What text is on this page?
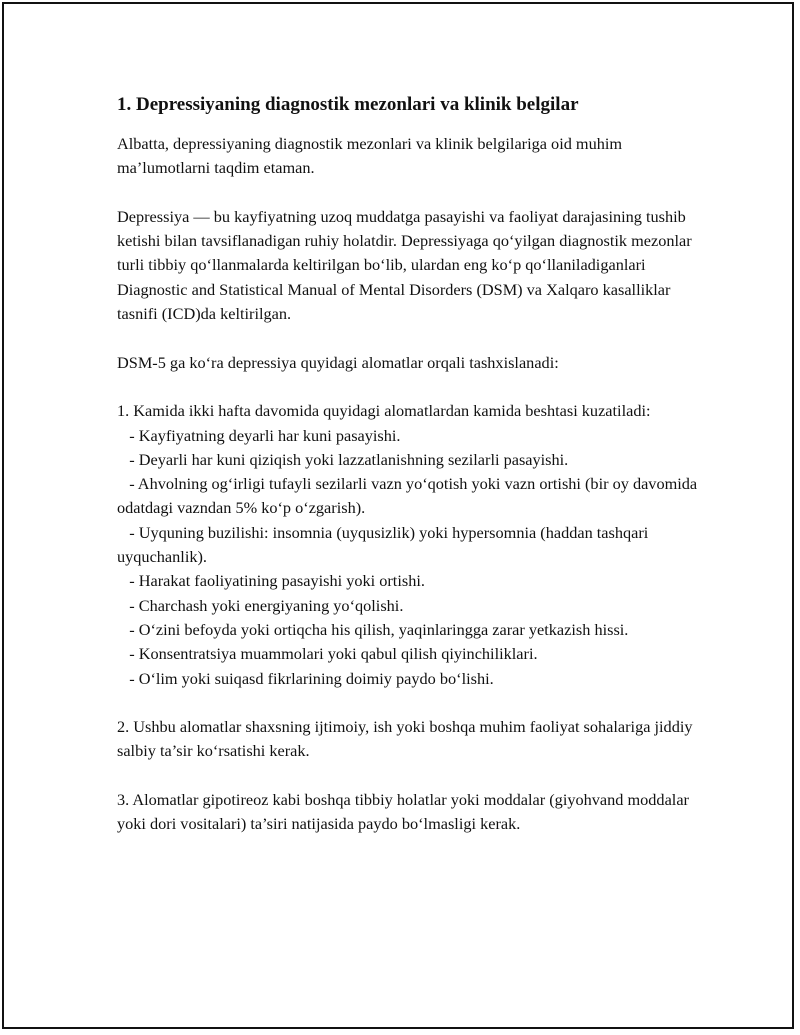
1. Depressiyaning diagnostik mezonlari va klinik belgilar

Albatta, depressiyaning diagnostik mezonlari va klinik belgilariga oid muhim ma’lumotlarni taqdim etaman.

Depressiya — bu kayfiyatning uzoq muddatga pasayishi va faoliyat darajasining tushib ketishi bilan tavsiflanadigan ruhiy holatdir. Depressiyaga qo‘yilgan diagnostik mezonlar turli tibbiy qo‘llanmalarda keltirilgan bo‘lib, ulardan eng ko‘p qo‘llaniladiganlari Diagnostic and Statistical Manual of Mental Disorders (DSM) va Xalqaro kasalliklar tasnifi (ICD)da keltirilgan.

DSM-5 ga ko‘ra depressiya quyidagi alomatlar orqali tashxislanadi:

1. Kamida ikki hafta davomida quyidagi alomatlardan kamida beshtasi kuzatiladi:

- Kayfiyatning deyarli har kuni pasayishi.

- Deyarli har kuni qiziqish yoki lazzatlanishning sezilarli pasayishi.

- Ahvolning og‘irligi tufayli sezilarli vazn yo‘qotish yoki vazn ortishi (bir oy davomida odatdagi vazndan 5% ko‘p o‘zgarish).

- Uyquning buzilishi: insomnia (uyqusizlik) yoki hypersomnia (haddan tashqari uyquchanlik).

- Harakat faoliyatining pasayishi yoki ortishi.

- Charchash yoki energiyaning yo‘qolishi.

- O‘zini befoyda yoki ortiqcha his qilish, yaqinlaringga zarar yetkazish hissi.

- Konsentratsiya muammolari yoki qabul qilish qiyinchiliklari.

- O‘lim yoki suiqasd fikrlarining doimiy paydo bo‘lishi.

2. Ushbu alomatlar shaxsning ijtimoiy, ish yoki boshqa muhim faoliyat sohalariga jiddiy salbiy ta’sir ko‘rsatishi kerak.

3. Alomatlar gipotireoz kabi boshqa tibbiy holatlar yoki moddalar (giyohvand moddalar yoki dori vositalari) ta’siri natijasida paydo bo‘lmasligi kerak.
